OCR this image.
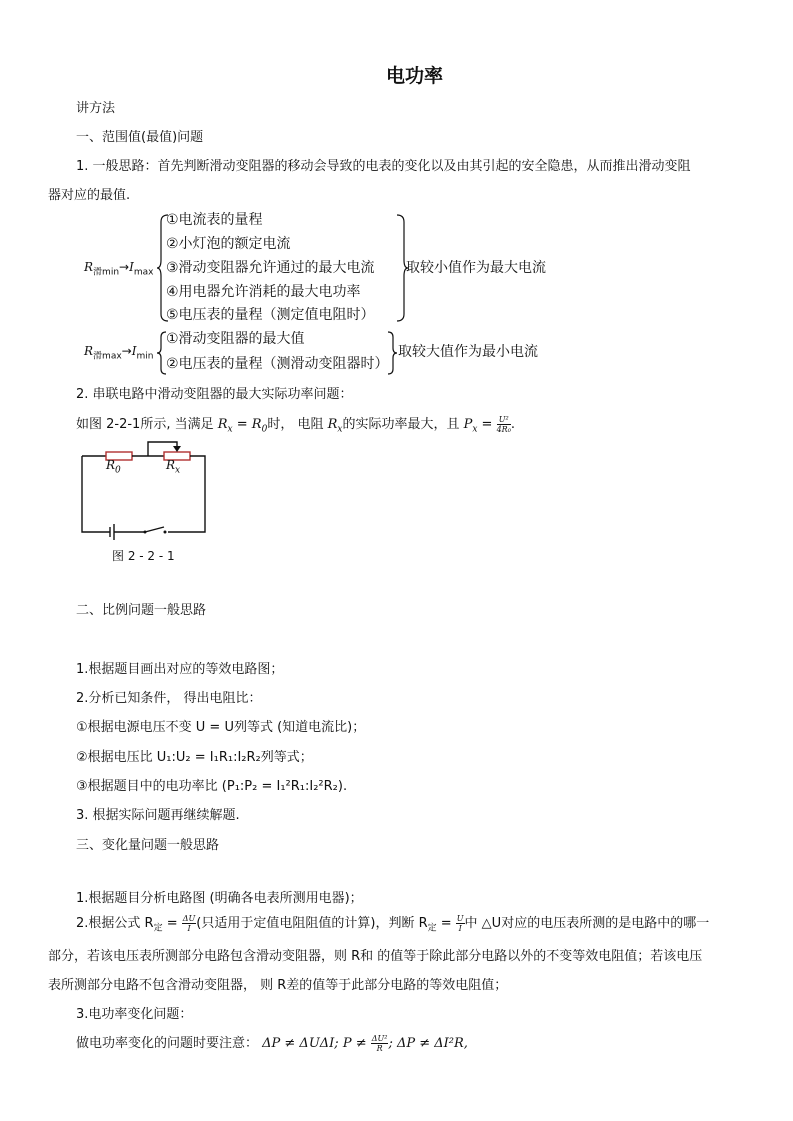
电功率
讲方法
一、范围值(最值)问题
1. 一般思路：首先判断滑动变阻器的移动会导致的电表的变化以及由其引起的安全隐患，从而推出滑动变阻
器对应的最值.
$R_{滑min}\to I_{max}$
①电流表的量程
②小灯泡的额定电流
③滑动变阻器允许通过的最大电流
④用电器允许消耗的最大电功率
⑤电压表的量程（测定值电阻时）
取较小值作为最大电流
$R_{滑max}\to I_{min}$
①滑动变阻器的最大值
②电压表的量程（测滑动变阻器时）
取较大值作为最小电流
2. 串联电路中滑动变阻器的最大实际功率问题：
如图 2-2-1所示, 当满足 $R_x = R_0$时， 电阻 $R_x$的实际功率最大，且 $P_x = \frac{\text{U²}}{\text{4R₀}}$ .
$R_0$	$R_x$
图 2 - 2 - 1
二、比例问题一般思路
1.根据题目画出对应的等效电路图；
2.分析已知条件， 得出电阻比：
①根据电源电压不变 U = U列等式 (知道电流比)；
②根据电压比 U₁:U₂ = I₁R₁:I₂R₂列等式；
③根据题目中的电功率比 (P₁:P₂ = I₁²R₁:I₂²R₂).
3. 根据实际问题再继续解题.
三、变化量问题一般思路
1.根据题目分析电路图 (明确各电表所测用电器)；
2.根据公式 $R_定 = \frac{\Delta U}{I}$ (只适用于定值电阻阻值的计算)，判断 $R_定 = \frac{U}{I}$ 中 △U对应的电压表所测的是电路中的哪一
部分，若该电压表所测部分电路包含滑动变阻器，则 R和 的值等于除此部分电路以外的不变等效电阻值；若该电压
表所测部分电路不包含滑动变阻器， 则 R差的值等于此部分电路的等效电阻值；
3.电功率变化问题：
做电功率变化的问题时要注意： ΔP ≠ ΔUΔI; $P \ne \frac{\text{ΔU²}}{R}$ ; ΔP ≠ ΔI²R,
